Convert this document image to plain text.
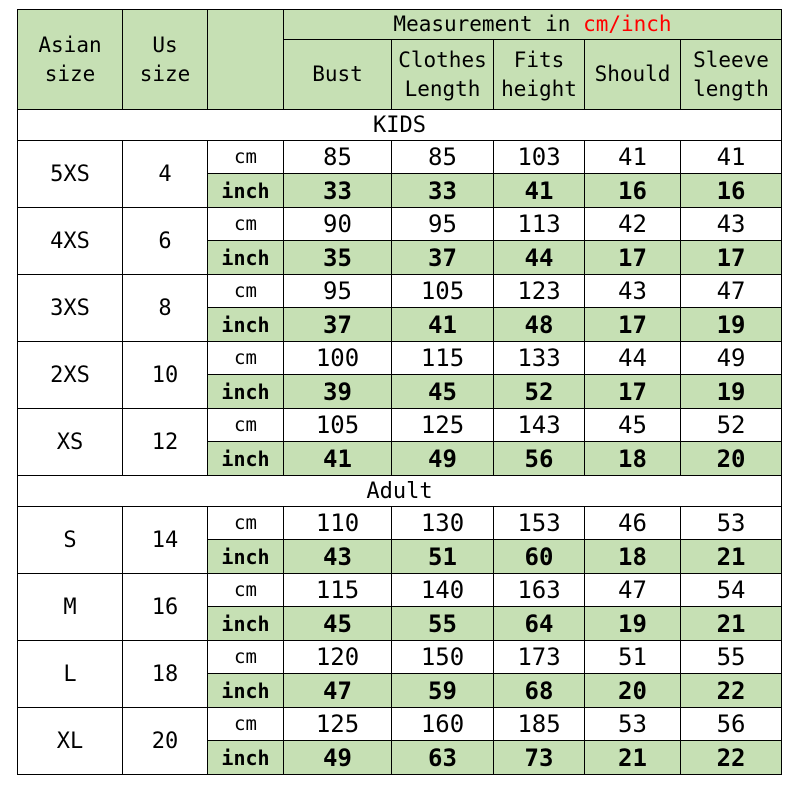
Asian size	Us size		Measurement in cm/inch				
			Bust	Clothes Length	Fits height	Should	Sleeve length
KIDS							
5XS	4	cm	85	85	103	41	41
		inch	33	33	41	16	16
4XS	6	cm	90	95	113	42	43
		inch	35	37	44	17	17
3XS	8	cm	95	105	123	43	47
		inch	37	41	48	17	19
2XS	10	cm	100	115	133	44	49
		inch	39	45	52	17	19
XS	12	cm	105	125	143	45	52
		inch	41	49	56	18	20
Adult							
S	14	cm	110	130	153	46	53
		inch	43	51	60	18	21
M	16	cm	115	140	163	47	54
		inch	45	55	64	19	21
L	18	cm	120	150	173	51	55
		inch	47	59	68	20	22
XL	20	cm	125	160	185	53	56
		inch	49	63	73	21	22
